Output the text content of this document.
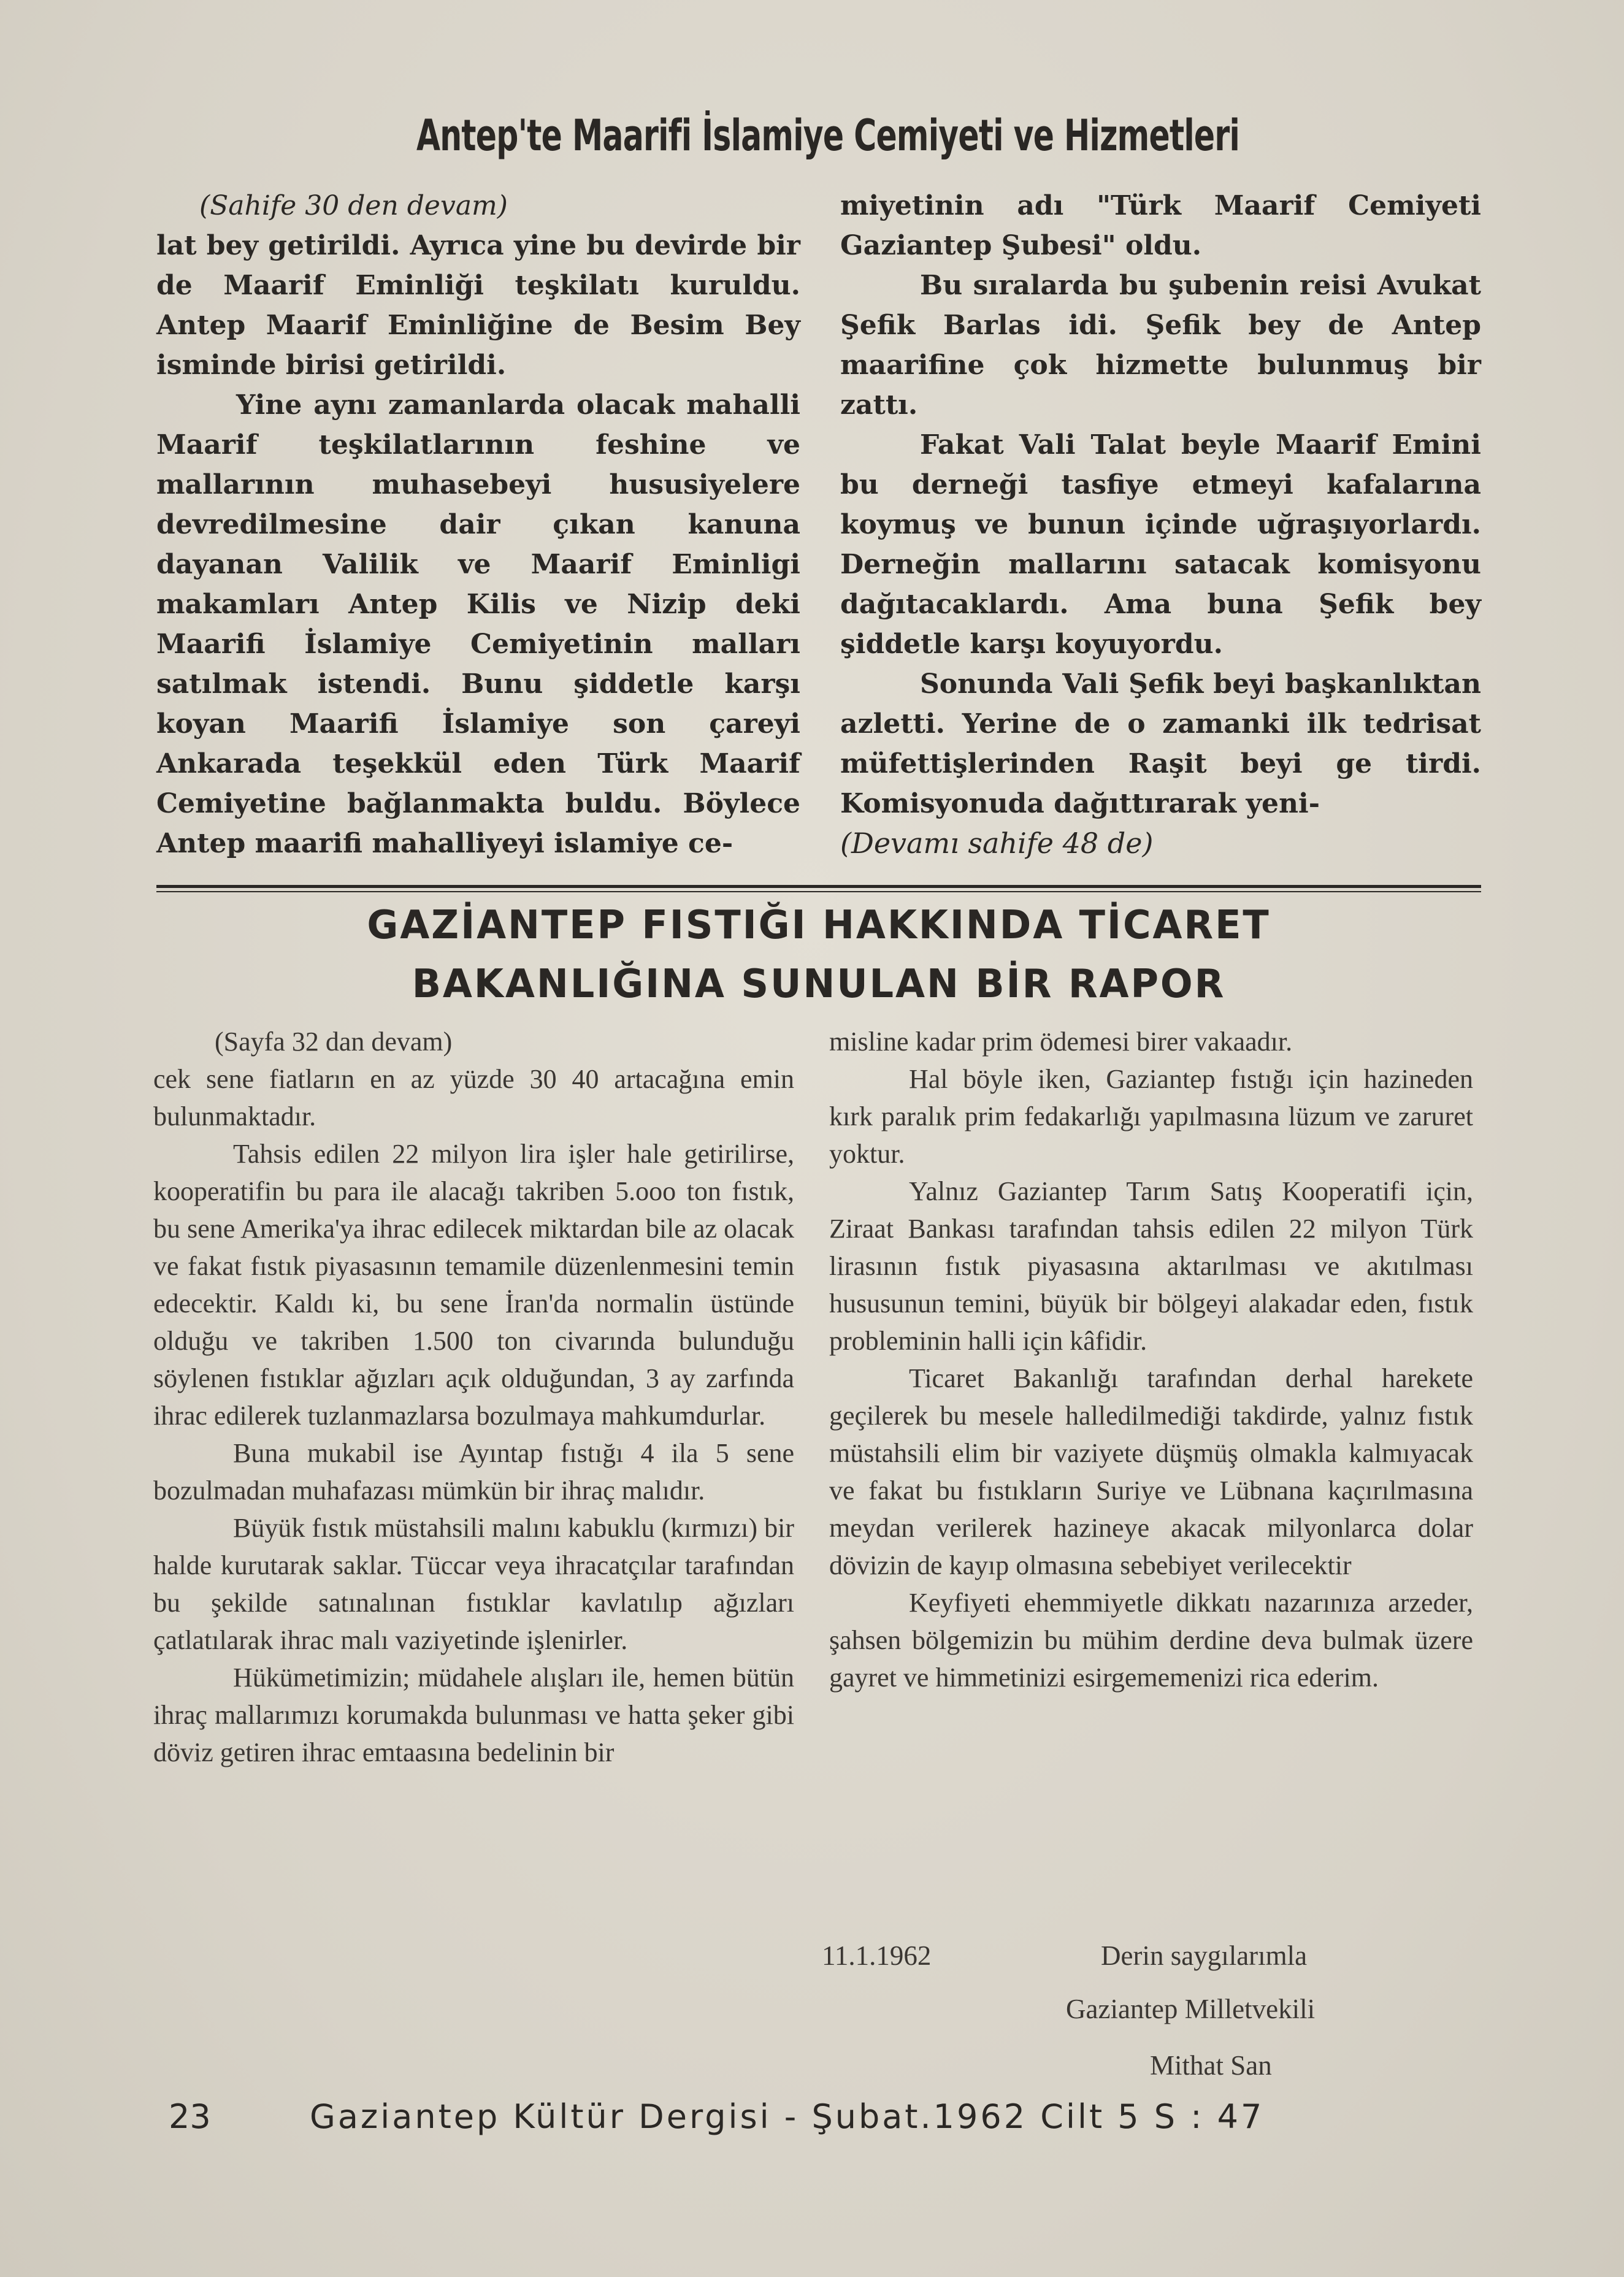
Antep'te Maarifi İslamiye Cemiyeti ve Hizmetleri

(Sahife 30 den devam)

lat bey getirildi. Ayrıca yine bu devirde bir de Maarif Eminliği teşkilatı kuruldu. Antep Maarif Eminliğine de Besim Bey isminde birisi getirildi.

Yine aynı zamanlarda olacak mahalli Maarif teşkilatlarının feshine ve mallarının muhasebeyi hususiyelere devredilmesine dair çıkan kanuna dayanan Valilik ve Maarif Eminligi makamları Antep Kilis ve Nizip deki Maarifi İslamiye Cemiyetinin malları satılmak istendi. Bunu şiddetle karşı koyan Maarifi İslamiye son çareyi Ankarada teşekkül eden Türk Maarif Cemiyetine bağlanmakta buldu. Böylece Antep maarifi mahalliyeyi islamiye ce-

miyetinin adı "Türk Maarif Cemiyeti Gaziantep Şubesi" oldu.

Bu sıralarda bu şubenin reisi Avukat Şefik Barlas idi. Şefik bey de Antep maarifine çok hizmette bulunmuş bir zattı.

Fakat Vali Talat beyle Maarif Emini bu derneği tasfiye etmeyi kafalarına koymuş ve bunun içinde uğraşıyorlardı. Derneğin mallarını satacak komisyonu dağıtacaklardı. Ama buna Şefik bey şiddetle karşı koyuyordu.

Sonunda Vali Şefik beyi başkanlıktan azletti. Yerine de o zamanki ilk tedrisat müfettişlerinden Raşit beyi ge tirdi. Komisyonuda dağıttırarak yeni-

(Devamı sahife 48 de)

GAZİANTEP FISTIĞI HAKKINDA TİCARET
BAKANLIĞINA SUNULAN BİR RAPOR

(Sayfa 32 dan devam)

cek sene fiatların en az yüzde 30 40 artacağına emin bulunmaktadır.

Tahsis edilen 22 milyon lira işler hale getirilirse, kooperatifin bu para ile alacağı takriben 5.ooo ton fıstık, bu sene Amerika'ya ihrac edilecek miktardan bile az olacak ve fakat fıstık piyasasının temamile düzenlenmesini temin edecektir. Kaldı ki, bu sene İran'da normalin üstünde olduğu ve takriben 1.500 ton civarında bulunduğu söylenen fıstıklar ağızları açık olduğundan, 3 ay zarfında ihrac edilerek tuzlanmazlarsa bozulmaya mahkumdurlar.

Buna mukabil ise Ayıntap fıstığı 4 ila 5 sene bozulmadan muhafazası mümkün bir ihraç malıdır.

Büyük fıstık müstahsili malını kabuklu (kırmızı) bir halde kurutarak saklar. Tüccar veya ihracatçılar tarafından bu şekilde satınalınan fıstıklar kavlatılıp ağızları çatlatılarak ihrac malı vaziyetinde işlenirler.

Hükümetimizin; müdahele alışları ile, hemen bütün ihraç mallarımızı korumakda bulunması ve hatta şeker gibi döviz getiren ihrac emtaasına bedelinin bir

misline kadar prim ödemesi birer vakaadır.

Hal böyle iken, Gaziantep fıstığı için hazineden kırk paralık prim fedakarlığı yapılmasına lüzum ve zaruret yoktur.

Yalnız Gaziantep Tarım Satış Kooperatifi için, Ziraat Bankası tarafından tahsis edilen 22 milyon Türk lirasının fıstık piyasasına aktarılması ve akıtılması hususunun temini, büyük bir bölgeyi alakadar eden, fıstık probleminin halli için kâfidir.

Ticaret Bakanlığı tarafından derhal harekete geçilerek bu mesele halledilmediği takdirde, yalnız fıstık müstahsili elim bir vaziyete düşmüş olmakla kalmıyacak ve fakat bu fıstıkların Suriye ve Lübnana kaçırılmasına meydan verilerek hazineye akacak milyonlarca dolar dövizin de kayıp olmasına sebebiyet verilecektir

Keyfiyeti ehemmiyetle dikkatı nazarınıza arzeder, şahsen bölgemizin bu mühim derdine deva bulmak üzere gayret ve himmetinizi esirgememenizi rica ederim.

11.1.1962	Derin saygılarımla
Gaziantep Milletvekili
Mithat San
23	Gaziantep Kültür Dergisi - Şubat.1962 Cilt 5 S : 47
